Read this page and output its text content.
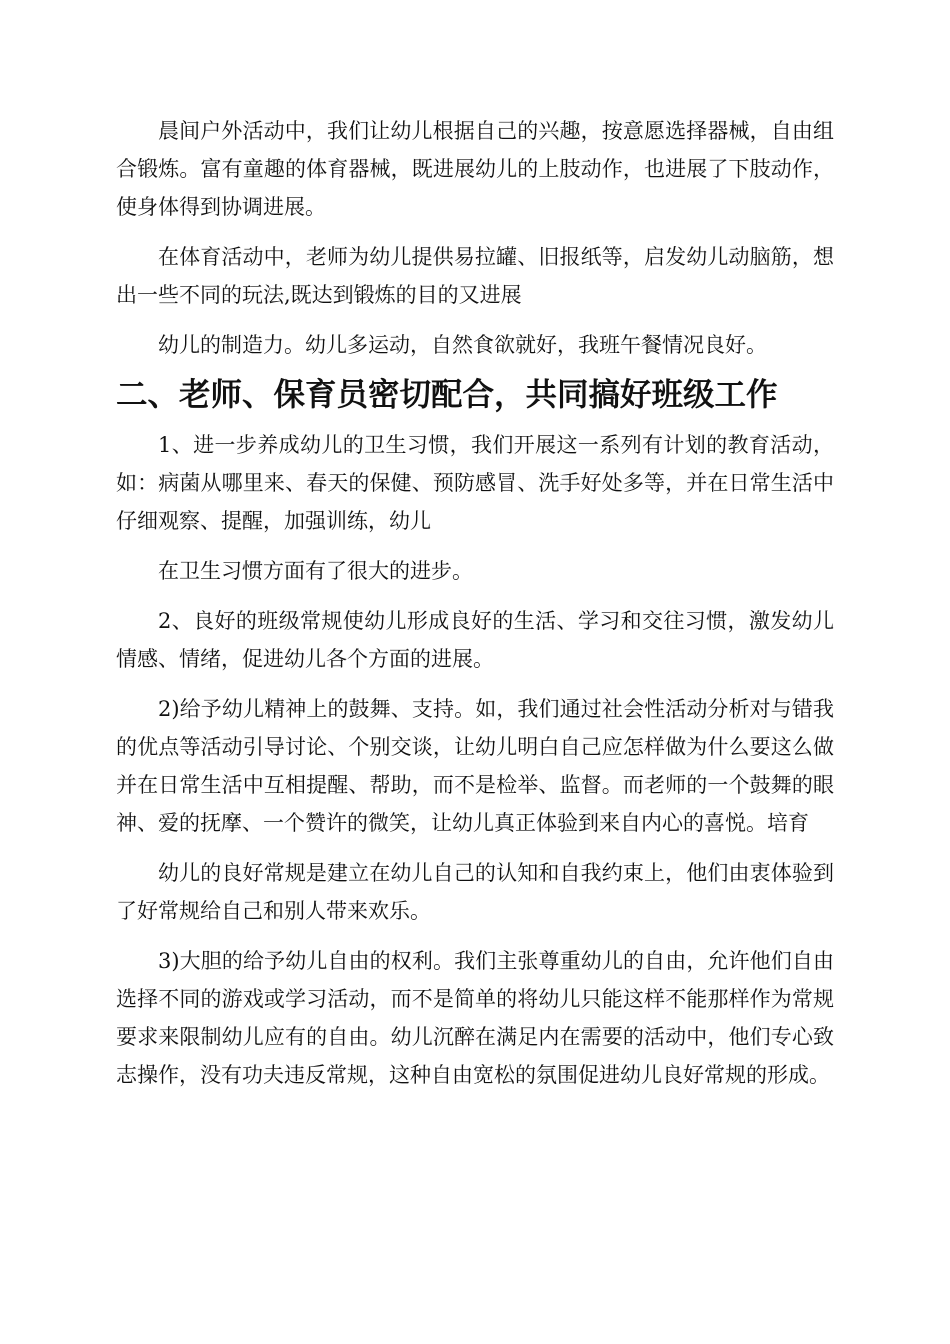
晨间户外活动中，我们让幼儿根据自己的兴趣，按意愿选择器械，自由组合锻炼。富有童趣的体育器械，既进展幼儿的上肢动作，也进展了下肢动作，使身体得到协调进展。

在体育活动中，老师为幼儿提供易拉罐、旧报纸等，启发幼儿动脑筋，想出一些不同的玩法,既达到锻炼的目的又进展

幼儿的制造力。幼儿多运动，自然食欲就好，我班午餐情况良好。

二、老师、保育员密切配合，共同搞好班级工作

1、进一步养成幼儿的卫生习惯，我们开展这一系列有计划的教育活动，如：病菌从哪里来、春天的保健、预防感冒、洗手好处多等，并在日常生活中仔细观察、提醒，加强训练，幼儿

在卫生习惯方面有了很大的进步。

2、良好的班级常规使幼儿形成良好的生活、学习和交往习惯，激发幼儿情感、情绪，促进幼儿各个方面的进展。

2)给予幼儿精神上的鼓舞、支持。如，我们通过社会性活动分析对与错我的优点等活动引导讨论、个别交谈，让幼儿明白自己应怎样做为什么要这么做并在日常生活中互相提醒、帮助，而不是检举、监督。而老师的一个鼓舞的眼神、爱的抚摩、一个赞许的微笑，让幼儿真正体验到来自内心的喜悦。培育

幼儿的良好常规是建立在幼儿自己的认知和自我约束上，他们由衷体验到了好常规给自己和别人带来欢乐。

3)大胆的给予幼儿自由的权利。我们主张尊重幼儿的自由，允许他们自由选择不同的游戏或学习活动，而不是简单的将幼儿只能这样不能那样作为常规要求来限制幼儿应有的自由。幼儿沉醉在满足内在需要的活动中，他们专心致志操作，没有功夫违反常规，这种自由宽松的氛围促进幼儿良好常规的形成。
